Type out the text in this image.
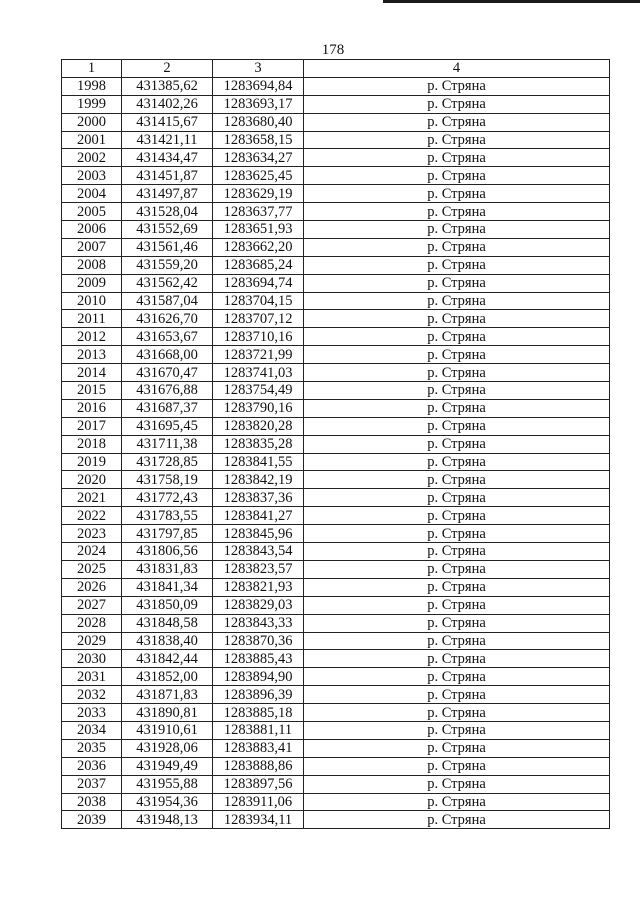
178
1	2	3	4
1998	431385,62	1283694,84	р. Стряна
1999	431402,26	1283693,17	р. Стряна
2000	431415,67	1283680,40	р. Стряна
2001	431421,11	1283658,15	р. Стряна
2002	431434,47	1283634,27	р. Стряна
2003	431451,87	1283625,45	р. Стряна
2004	431497,87	1283629,19	р. Стряна
2005	431528,04	1283637,77	р. Стряна
2006	431552,69	1283651,93	р. Стряна
2007	431561,46	1283662,20	р. Стряна
2008	431559,20	1283685,24	р. Стряна
2009	431562,42	1283694,74	р. Стряна
2010	431587,04	1283704,15	р. Стряна
2011	431626,70	1283707,12	р. Стряна
2012	431653,67	1283710,16	р. Стряна
2013	431668,00	1283721,99	р. Стряна
2014	431670,47	1283741,03	р. Стряна
2015	431676,88	1283754,49	р. Стряна
2016	431687,37	1283790,16	р. Стряна
2017	431695,45	1283820,28	р. Стряна
2018	431711,38	1283835,28	р. Стряна
2019	431728,85	1283841,55	р. Стряна
2020	431758,19	1283842,19	р. Стряна
2021	431772,43	1283837,36	р. Стряна
2022	431783,55	1283841,27	р. Стряна
2023	431797,85	1283845,96	р. Стряна
2024	431806,56	1283843,54	р. Стряна
2025	431831,83	1283823,57	р. Стряна
2026	431841,34	1283821,93	р. Стряна
2027	431850,09	1283829,03	р. Стряна
2028	431848,58	1283843,33	р. Стряна
2029	431838,40	1283870,36	р. Стряна
2030	431842,44	1283885,43	р. Стряна
2031	431852,00	1283894,90	р. Стряна
2032	431871,83	1283896,39	р. Стряна
2033	431890,81	1283885,18	р. Стряна
2034	431910,61	1283881,11	р. Стряна
2035	431928,06	1283883,41	р. Стряна
2036	431949,49	1283888,86	р. Стряна
2037	431955,88	1283897,56	р. Стряна
2038	431954,36	1283911,06	р. Стряна
2039	431948,13	1283934,11	р. Стряна
